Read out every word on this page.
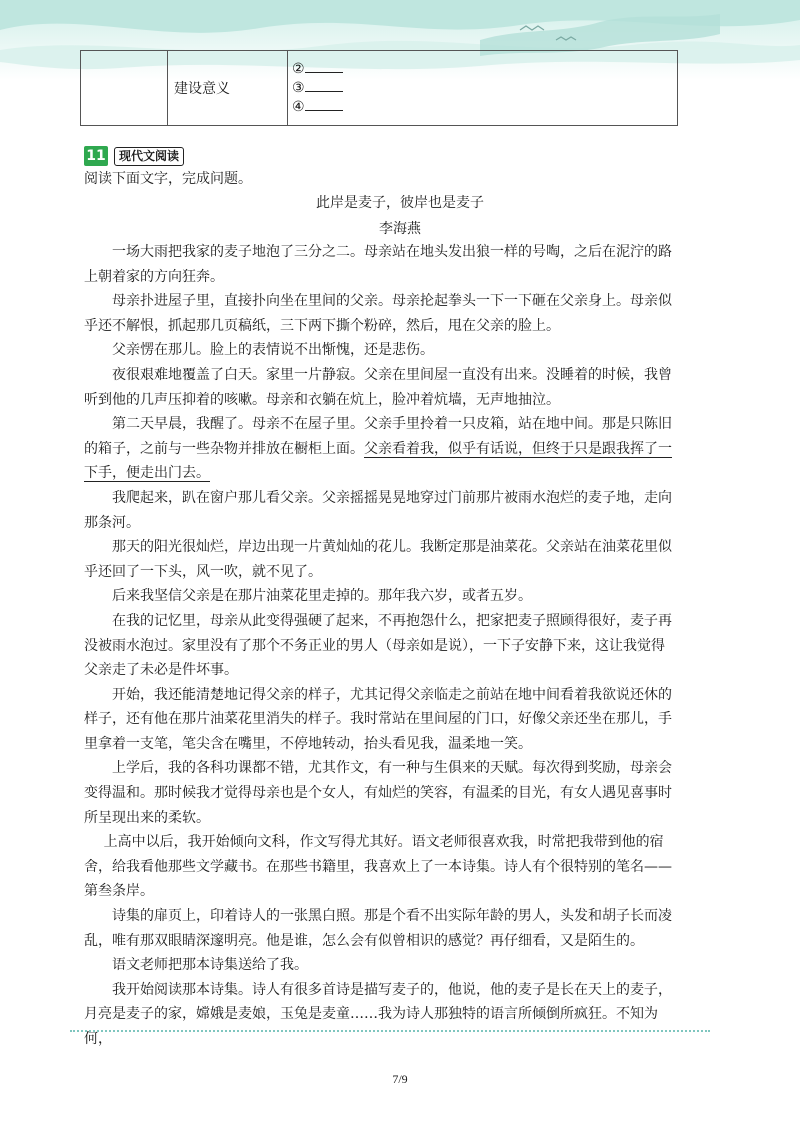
	建设意义	
②
③
④
11	现代文阅读
阅读下面文字，完成问题。
此岸是麦子，彼岸也是麦子
李海燕

一场大雨把我家的麦子地泡了三分之二。母亲站在地头发出狼一样的号啕，之后在泥泞的路上朝着家的方向狂奔。

母亲扑进屋子里，直接扑向坐在里间的父亲。母亲抡起拳头一下一下砸在父亲身上。母亲似乎还不解恨，抓起那几页稿纸，三下两下撕个粉碎，然后，甩在父亲的脸上。

父亲愣在那儿。脸上的表情说不出惭愧，还是悲伤。

夜很艰难地覆盖了白天。家里一片静寂。父亲在里间屋一直没有出来。没睡着的时候，我曾听到他的几声压抑着的咳嗽。母亲和衣躺在炕上，脸冲着炕墙，无声地抽泣。

第二天早晨，我醒了。母亲不在屋子里。父亲手里拎着一只皮箱，站在地中间。那是只陈旧的箱子，之前与一些杂物并排放在橱柜上面。父亲看着我，似乎有话说，但终于只是跟我挥了一下手，便走出门去。

我爬起来，趴在窗户那儿看父亲。父亲摇摇晃晃地穿过门前那片被雨水泡烂的麦子地，走向那条河。

那天的阳光很灿烂，岸边出现一片黄灿灿的花儿。我断定那是油菜花。父亲站在油菜花里似乎还回了一下头，风一吹，就不见了。

后来我坚信父亲是在那片油菜花里走掉的。那年我六岁，或者五岁。

在我的记忆里，母亲从此变得强硬了起来，不再抱怨什么，把家把麦子照顾得很好，麦子再没被雨水泡过。家里没有了那个不务正业的男人（母亲如是说），一下子安静下来，这让我觉得父亲走了未必是件坏事。

开始，我还能清楚地记得父亲的样子，尤其记得父亲临走之前站在地中间看着我欲说还休的样子，还有他在那片油菜花里消失的样子。我时常站在里间屋的门口，好像父亲还坐在那儿，手里拿着一支笔，笔尖含在嘴里，不停地转动，抬头看见我，温柔地一笑。

上学后，我的各科功课都不错，尤其作文，有一种与生俱来的天赋。每次得到奖励，母亲会变得温和。那时候我才觉得母亲也是个女人，有灿烂的笑容，有温柔的目光，有女人遇见喜事时所呈现出来的柔软。

上高中以后，我开始倾向文科，作文写得尤其好。语文老师很喜欢我，时常把我带到他的宿舍，给我看他那些文学藏书。在那些书籍里，我喜欢上了一本诗集。诗人有个很特别的笔名——第叁条岸。

诗集的扉页上，印着诗人的一张黑白照。那是个看不出实际年龄的男人，头发和胡子长而凌乱，唯有那双眼睛深邃明亮。他是谁，怎么会有似曾相识的感觉？再仔细看，又是陌生的。

语文老师把那本诗集送给了我。

我开始阅读那本诗集。诗人有很多首诗是描写麦子的，他说，他的麦子是长在天上的麦子，月亮是麦子的家，嫦娥是麦娘，玉兔是麦童……我为诗人那独特的语言所倾倒所疯狂。不知为何，

7/9
